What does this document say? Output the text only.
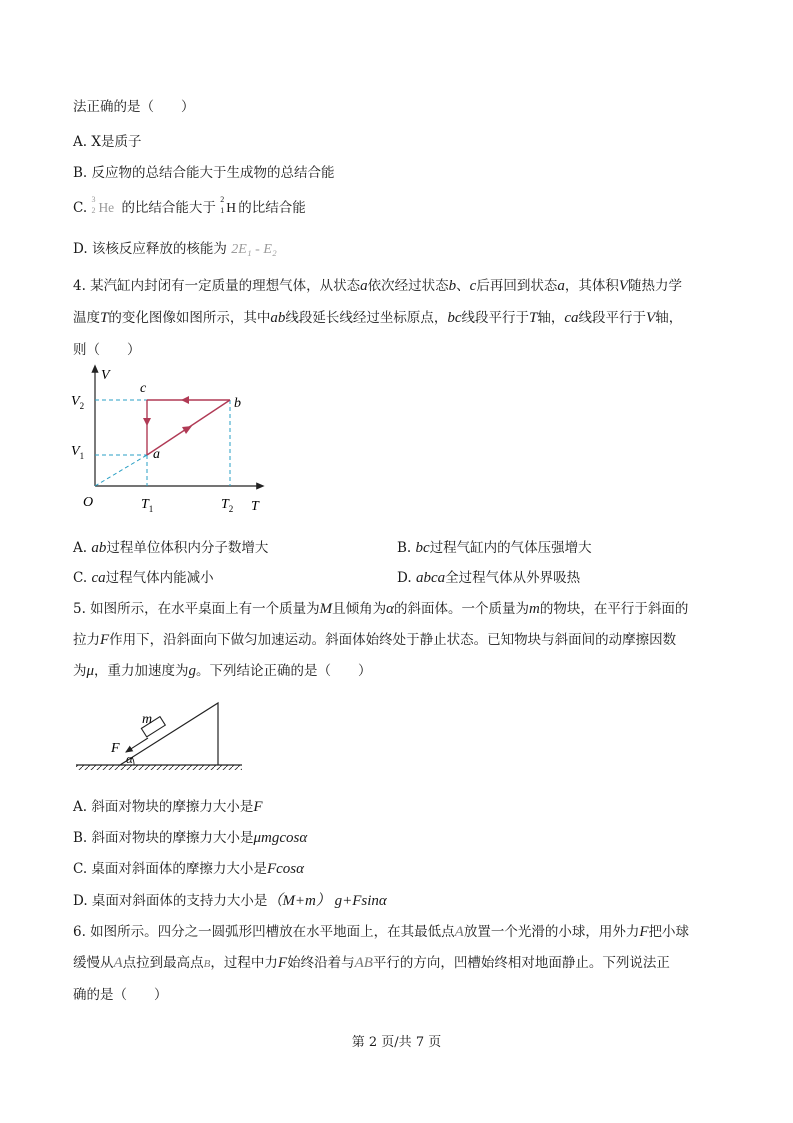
法正确的是（　　）
A. X是质子
B. 反应物的总结合能大于生成物的总结合能
C.
3
2 He 的比结合能大于
2
1 H 的比结合能
D. 该核反应释放的核能为 2E₁ - E₂
4. 某汽缸内封闭有一定质量的理想气体，从状态a依次经过状态b、c后再回到状态a，其体积V随热力学
温度T的变化图像如图所示，其中ab线段延长线经过坐标原点，bc线段平行于T轴，ca线段平行于V轴，
则（　　）
V
T
O
$V_2$
$V_1$
$T_1$	$T_2$
a
b
c
A. ab过程单位体积内分子数增大	B. bc过程气缸内的气体压强增大
C. ca过程气体内能减小	D. abca全过程气体从外界吸热
5. 如图所示，在水平桌面上有一个质量为M且倾角为α的斜面体。一个质量为m的物块，在平行于斜面的
拉力F作用下，沿斜面向下做匀加速运动。斜面体始终处于静止状态。已知物块与斜面间的动摩擦因数
为μ，重力加速度为g。下列结论正确的是（　　）
m
F
α
A. 斜面对物块的摩擦力大小是F
B. 斜面对物块的摩擦力大小是μmgcosα
C. 桌面对斜面体的摩擦力大小是Fcosα
D. 桌面对斜面体的支持力大小是（M+m） g+Fsinα
6. 如图所示。四分之一圆弧形凹槽放在水平地面上，在其最低点A放置一个光滑的小球，用外力F把小球
缓慢从A点拉到最高点B，过程中力F始终沿着与AB平行的方向，凹槽始终相对地面静止。下列说法正
确的是（　　）
第 2 页/共 7 页
